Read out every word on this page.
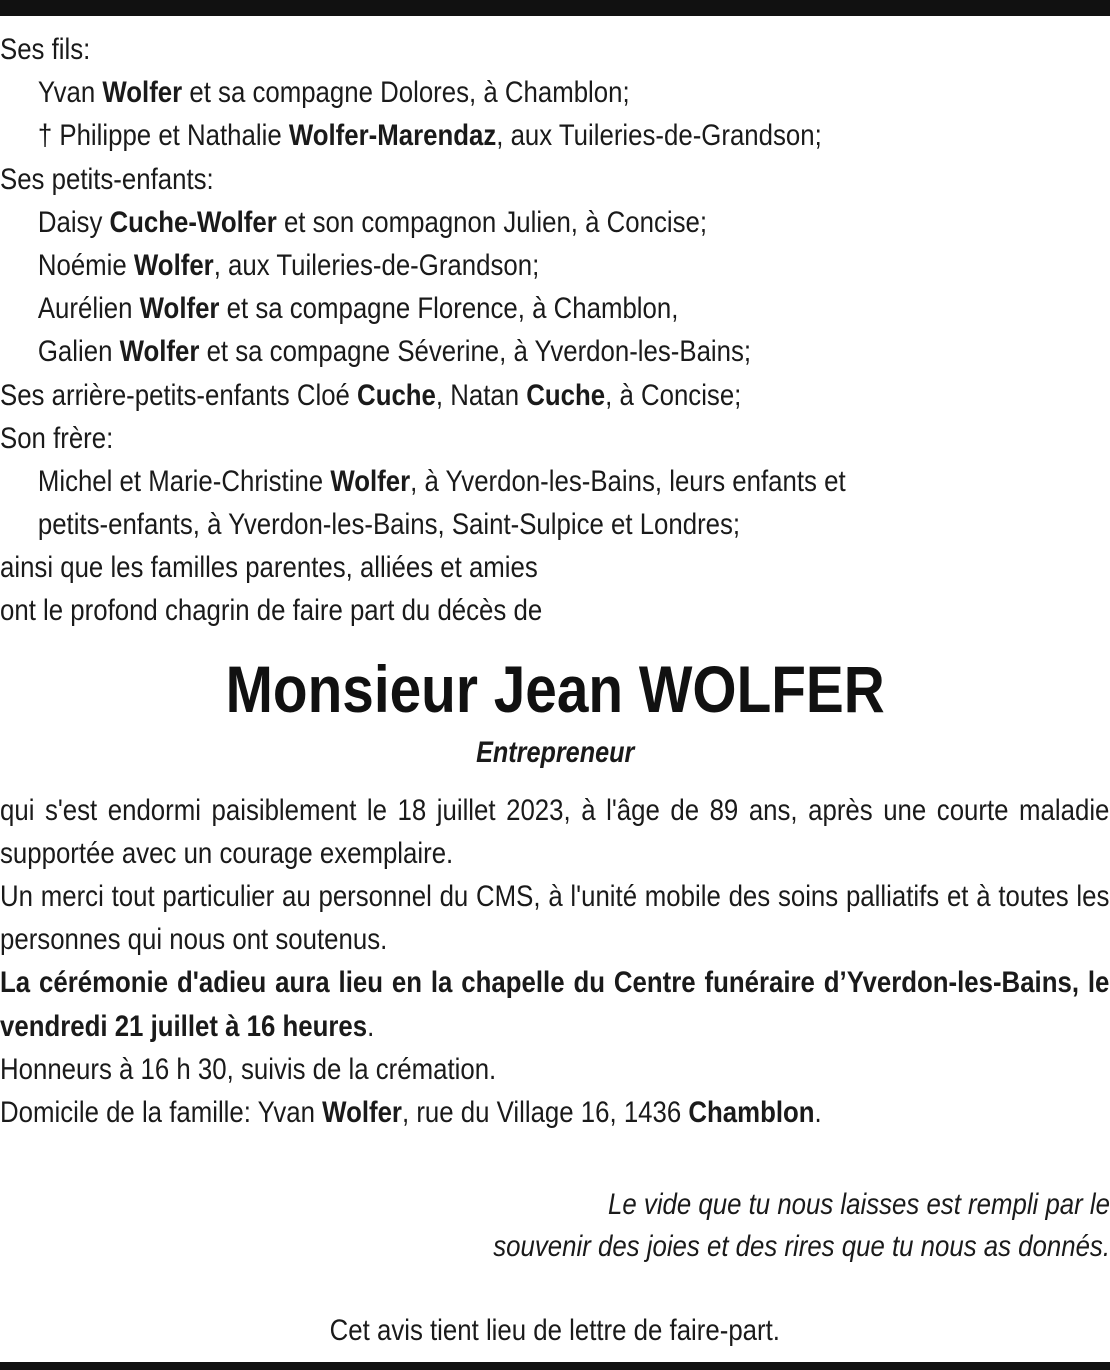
Ses fils:
Yvan Wolfer et sa compagne Dolores, à Chamblon;
† Philippe et Nathalie Wolfer-Marendaz, aux Tuileries-de-Grandson;
Ses petits-enfants:
Daisy Cuche-Wolfer et son compagnon Julien, à Concise;
Noémie Wolfer, aux Tuileries-de-Grandson;
Aurélien Wolfer et sa compagne Florence, à Chamblon,
Galien Wolfer et sa compagne Séverine, à Yverdon-les-Bains;
Ses arrière-petits-enfants Cloé Cuche, Natan Cuche, à Concise;
Son frère:
Michel et Marie-Christine Wolfer, à Yverdon-les-Bains, leurs enfants et
petits-enfants, à Yverdon-les-Bains, Saint-Sulpice et Londres;
ainsi que les familles parentes, alliées et amies
ont le profond chagrin de faire part du décès de
Monsieur Jean WOLFER
Entrepreneur
qui s'est endormi paisiblement le 18 juillet 2023, à l'âge de 89 ans, après une courte maladie supportée avec un courage exemplaire.
Un merci tout particulier au personnel du CMS, à l'unité mobile des soins palliatifs et à toutes les personnes qui nous ont soutenus.
La cérémonie d'adieu aura lieu en la chapelle du Centre funéraire d’Yverdon-les-Bains, le vendredi 21 juillet à 16 heures.
Honneurs à 16 h 30, suivis de la crémation.
Domicile de la famille: Yvan Wolfer, rue du Village 16, 1436 Chamblon.
Le vide que tu nous laisses est rempli par le
souvenir des joies et des rires que tu nous as donnés.
Cet avis tient lieu de lettre de faire-part.
